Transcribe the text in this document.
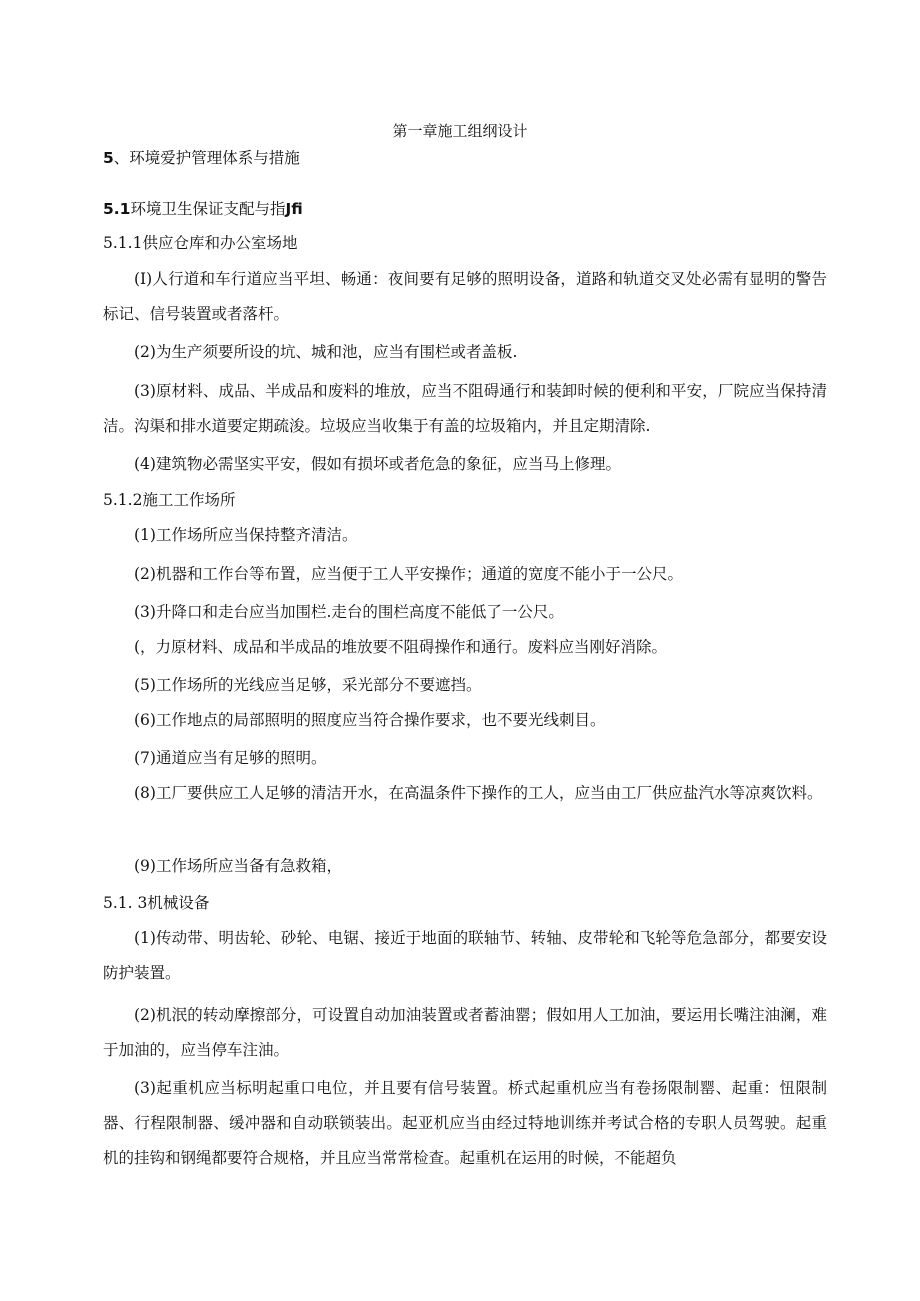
第一章施工组纲设计
5、环境爱护管理体系与措施
5.1环境卫生保证支配与指Jfi
5.1.1供应仓库和办公室场地

(I)人行道和车行道应当平坦、畅通：夜间要有足够的照明设备，道路和轨道交叉处必需有显明的警告标记、信号装置或者落杆。

(2)为生产须要所设的坑、城和池，应当有围栏或者盖板.

(3)原材料、成品、半成品和废料的堆放，应当不阻碍通行和装卸时候的便利和平安，厂院应当保持清洁。沟渠和排水道要定期疏浚。垃圾应当收集于有盖的垃圾箱内，并且定期清除.

(4)建筑物必需坚实平安，假如有损坏或者危急的象征，应当马上修理。

5.1.2施工工作场所

(1)工作场所应当保持整齐清洁。

(2)机器和工作台等布置，应当便于工人平安操作；通道的宽度不能小于一公尺。

(3)升降口和走台应当加围栏.走台的围栏高度不能低了一公尺。

(，力原材料、成品和半成品的堆放要不阻碍操作和通行。废料应当刚好消除。

(5)工作场所的光线应当足够，采光部分不要遮挡。

(6)工作地点的局部照明的照度应当符合操作要求，也不要光线刺目。

(7)通道应当有足够的照明。

(8)工厂要供应工人足够的清洁开水，在高温条件下操作的工人，应当由工厂供应盐汽水等凉爽饮料。

(9)工作场所应当备有急救箱，

5.1. 3机械设备

(1)传动带、明齿轮、砂轮、电锯、接近于地面的联轴节、转轴、皮带轮和飞轮等危急部分，都要安设防护装置。

(2)机泯的转动摩擦部分，可设置自动加油装置或者蓄油罂；假如用人工加油，要运用长嘴注油澜，难于加油的，应当停车注油。

(3)起重机应当标明起重口电位，并且要有信号装置。桥式起重机应当有卷扬限制罂、起重：忸限制器、行程限制器、缓冲器和自动联锁装出。起亚机应当由经过特地训练并考试合格的专职人员驾驶。起重机的挂钩和钢绳都要符合规格，并且应当常常检查。起重机在运用的时候，不能超负
